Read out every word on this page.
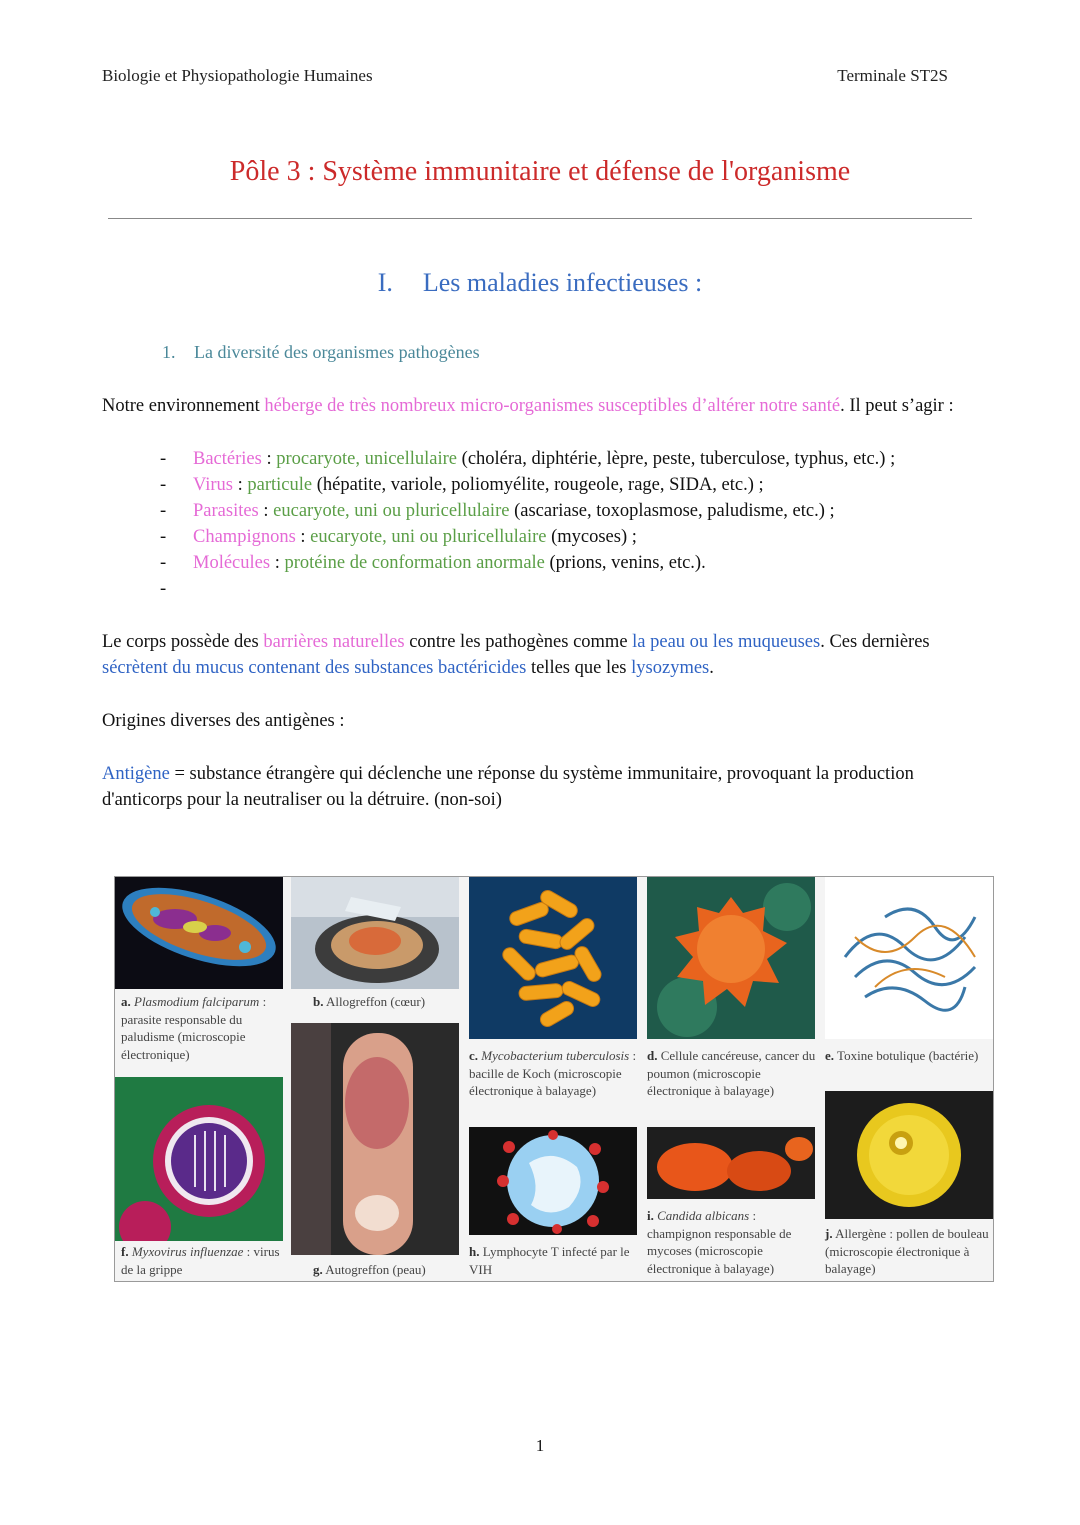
Biologie et Physiopathologie Humaines	Terminale ST2S
Pôle 3 : Système immunitaire et défense de l'organisme
I. Les maladies infectieuses :
1. La diversité des organismes pathogènes
Notre environnement héberge de très nombreux micro-organismes susceptibles d’altérer notre santé. Il peut s’agir :
- Bactéries : procaryote, unicellulaire (choléra, diphtérie, lèpre, peste, tuberculose, typhus, etc.) ;
- Virus : particule (hépatite, variole, poliomyélite, rougeole, rage, SIDA, etc.) ;
- Parasites : eucaryote, uni ou pluricellulaire (ascariase, toxoplasmose, paludisme, etc.) ;
- Champignons : eucaryote, uni ou pluricellulaire (mycoses) ;
- Molécules : protéine de conformation anormale (prions, venins, etc.).
-
Le corps possède des barrières naturelles contre les pathogènes comme la peau ou les muqueuses. Ces dernières sécrètent du mucus contenant des substances bactéricides telles que les lysozymes.
Origines diverses des antigènes :
Antigène = substance étrangère qui déclenche une réponse du système immunitaire, provoquant la production d'anticorps pour la neutraliser ou la détruire. (non-soi)
a. Plasmodium falciparum : parasite responsable du paludisme (microscopie électronique)
b. Allogreffon (cœur)
g. Autogreffon (peau)
c. Mycobacterium tuberculosis : bacille de Koch (microscopie électronique à balayage)
h. Lymphocyte T infecté par le VIH
d. Cellule cancéreuse, cancer du poumon (microscopie électronique à balayage)
i. Candida albicans : champignon responsable de mycoses (microscopie électronique à balayage)
e. Toxine botulique (bactérie)
j. Allergène : pollen de bouleau (microscopie électronique à balayage)
f. Myxovirus influenzae : virus de la grippe
1
